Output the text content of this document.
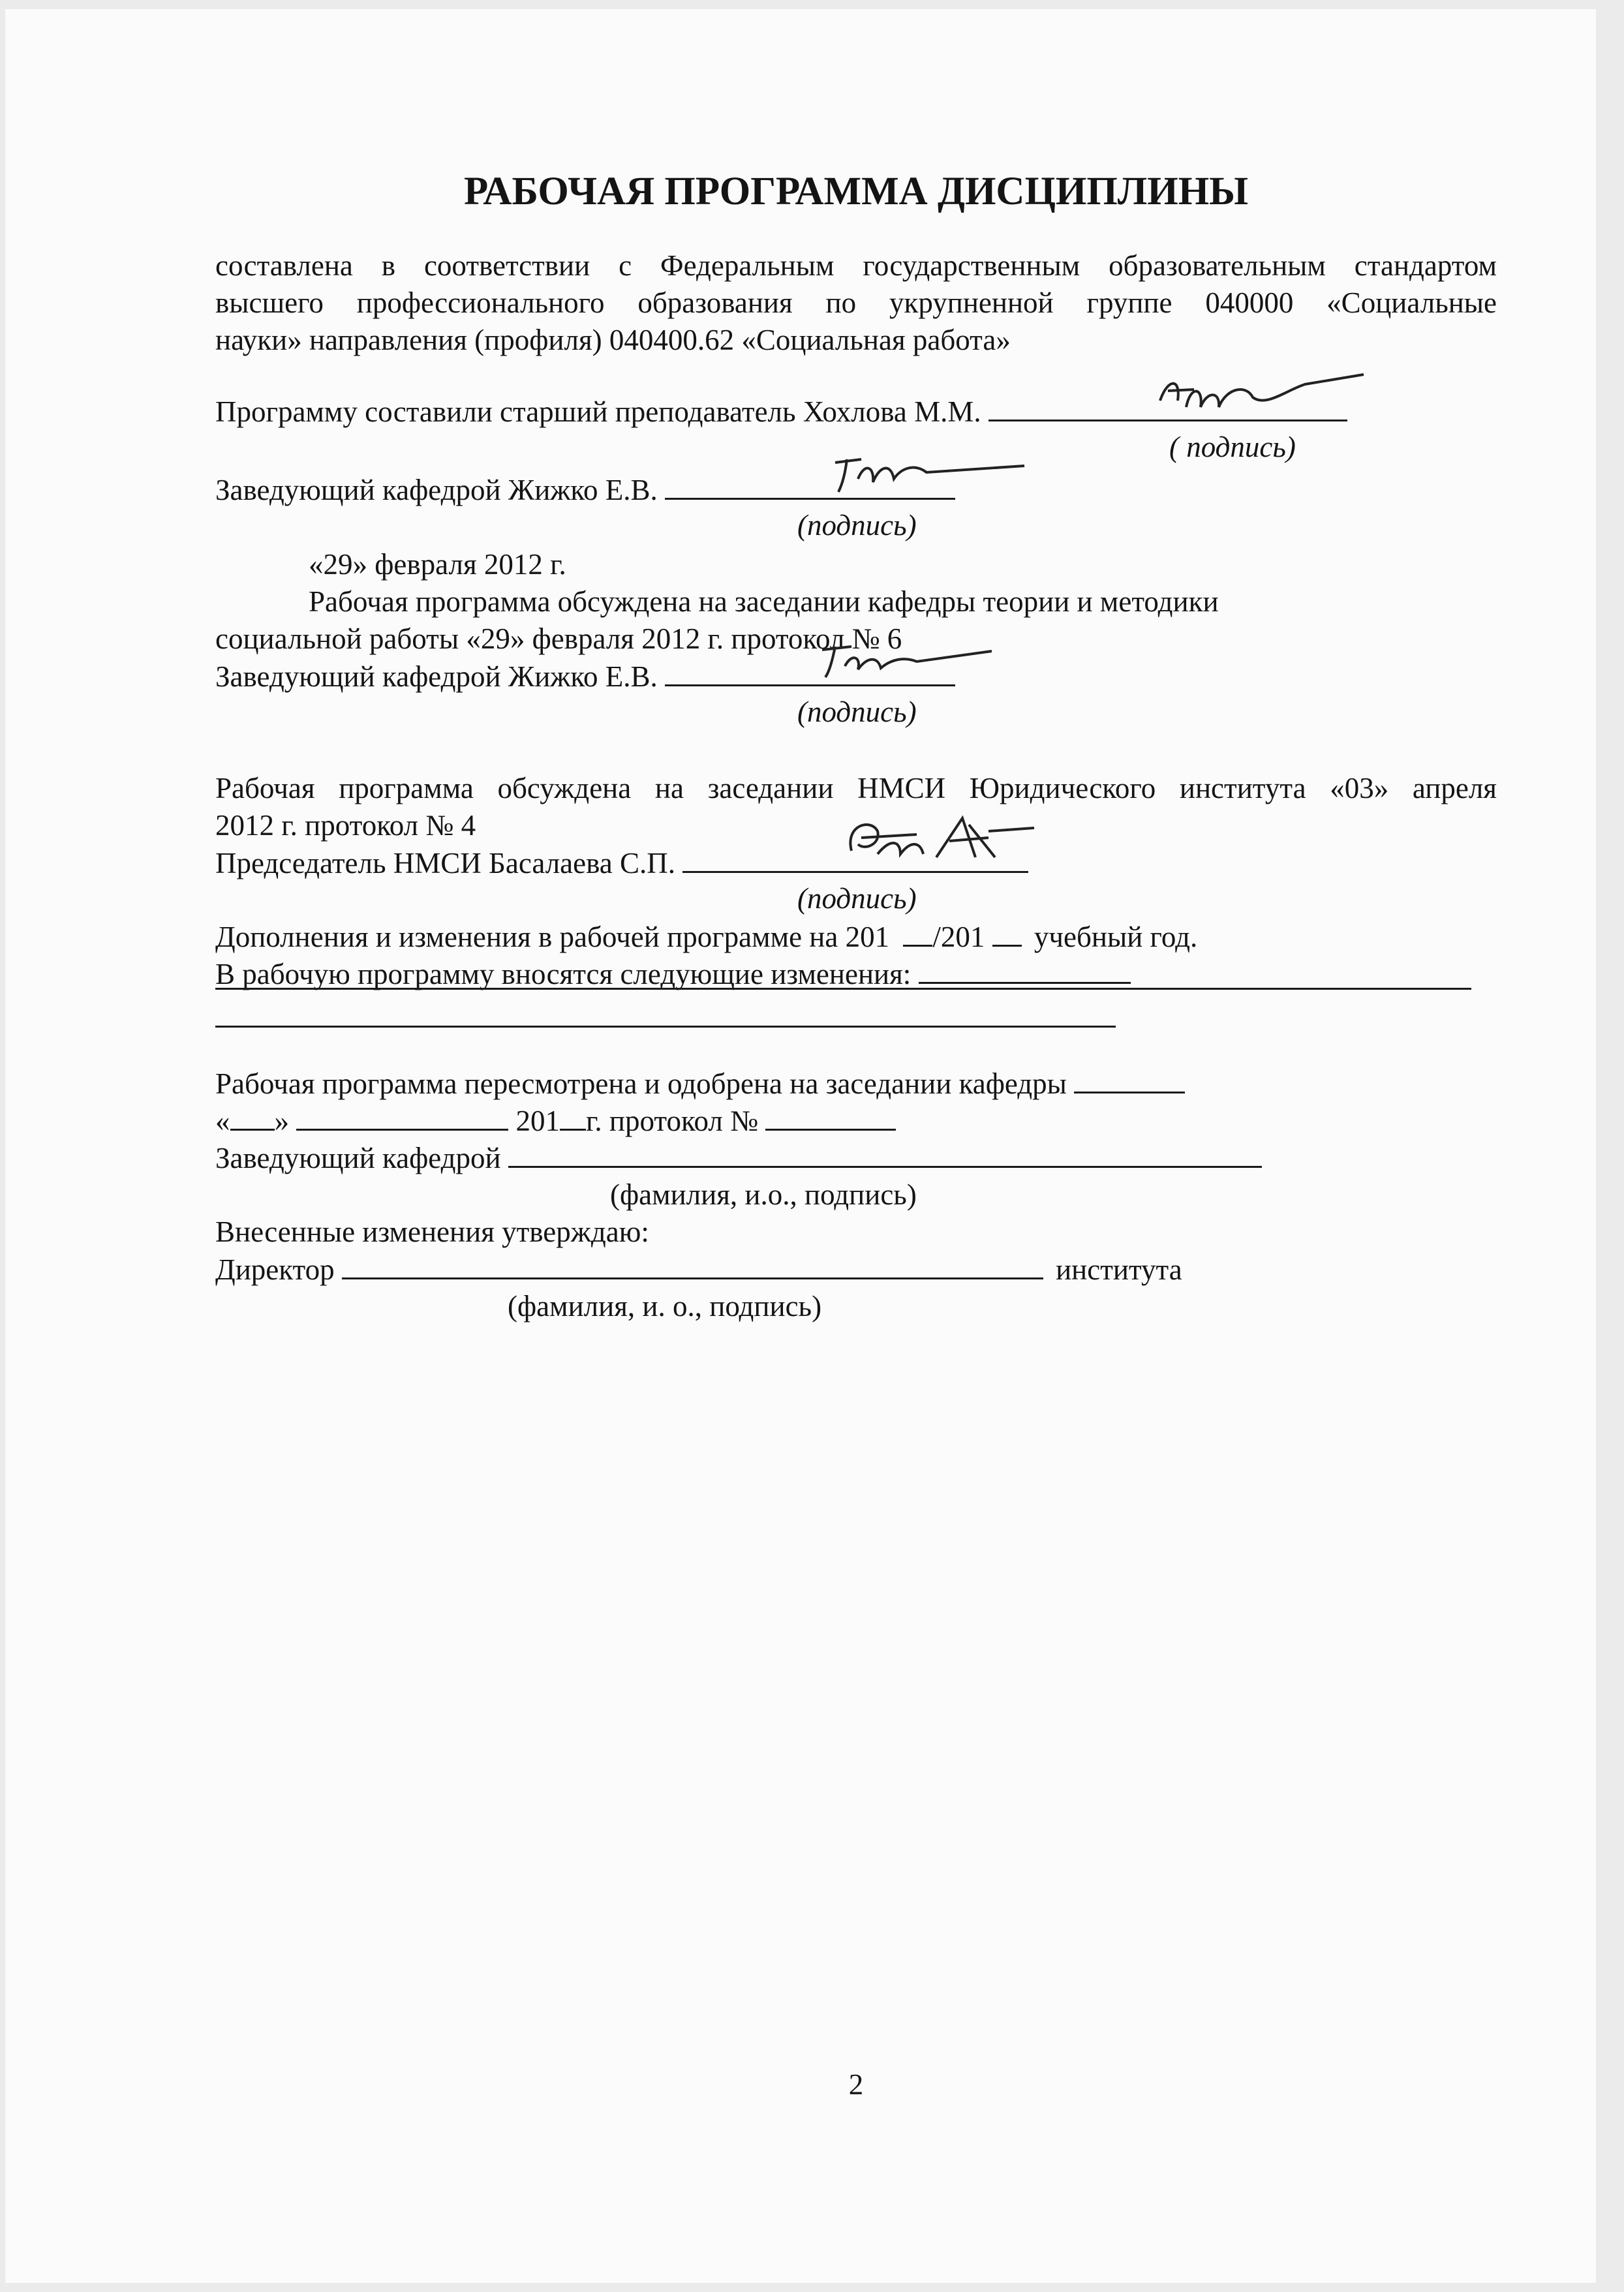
РАБОЧАЯ ПРОГРАММА ДИСЦИПЛИНЫ
составлена в соответствии с Федеральным государственным образовательным стандартом
высшего профессионального образования по укрупненной группе 040000 «Социальные
науки» направления (профиля) 040400.62 «Социальная работа»
Программу составили старший преподаватель Хохлова М.М.
( подпись)
Заведующий кафедрой Жижко Е.В.
(подпись)
«29» февраля 2012 г.
Рабочая программа обсуждена на заседании кафедры теории и методики
социальной работы «29» февраля 2012 г. протокол № 6
Заведующий кафедрой Жижко Е.В.
(подпись)
Рабочая программа обсуждена на заседании НМСИ Юридического института «03» апреля
2012 г. протокол № 4
Председатель НМСИ Басалаева С.П.
(подпись)
Дополнения и изменения в рабочей программе на 201 /201 учебный год.
В рабочую программу вносятся следующие изменения:
Рабочая программа пересмотрена и одобрена на заседании кафедры
« »	201 г. протокол №
Заведующий кафедрой
(фамилия, и.о., подпись)
Внесенные изменения утверждаю:
Директор	института
(фамилия, и. о., подпись)
2
